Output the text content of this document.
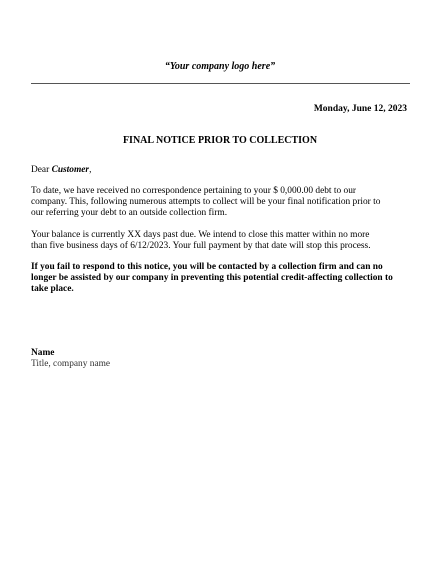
“Your company logo here”
Monday, June 12, 2023
FINAL NOTICE PRIOR TO COLLECTION
Dear Customer,
To date, we have received no correspondence pertaining to your $ 0,000.00 debt to our
company. This, following numerous attempts to collect will be your final notification prior to
our referring your debt to an outside collection firm.
Your balance is currently XX days past due. We intend to close this matter within no more
than five business days of 6/12/2023. Your full payment by that date will stop this process.
If you fail to respond to this notice, you will be contacted by a collection firm and can no
longer be assisted by our company in preventing this potential credit-affecting collection to
take place.
Name
Title, company name
